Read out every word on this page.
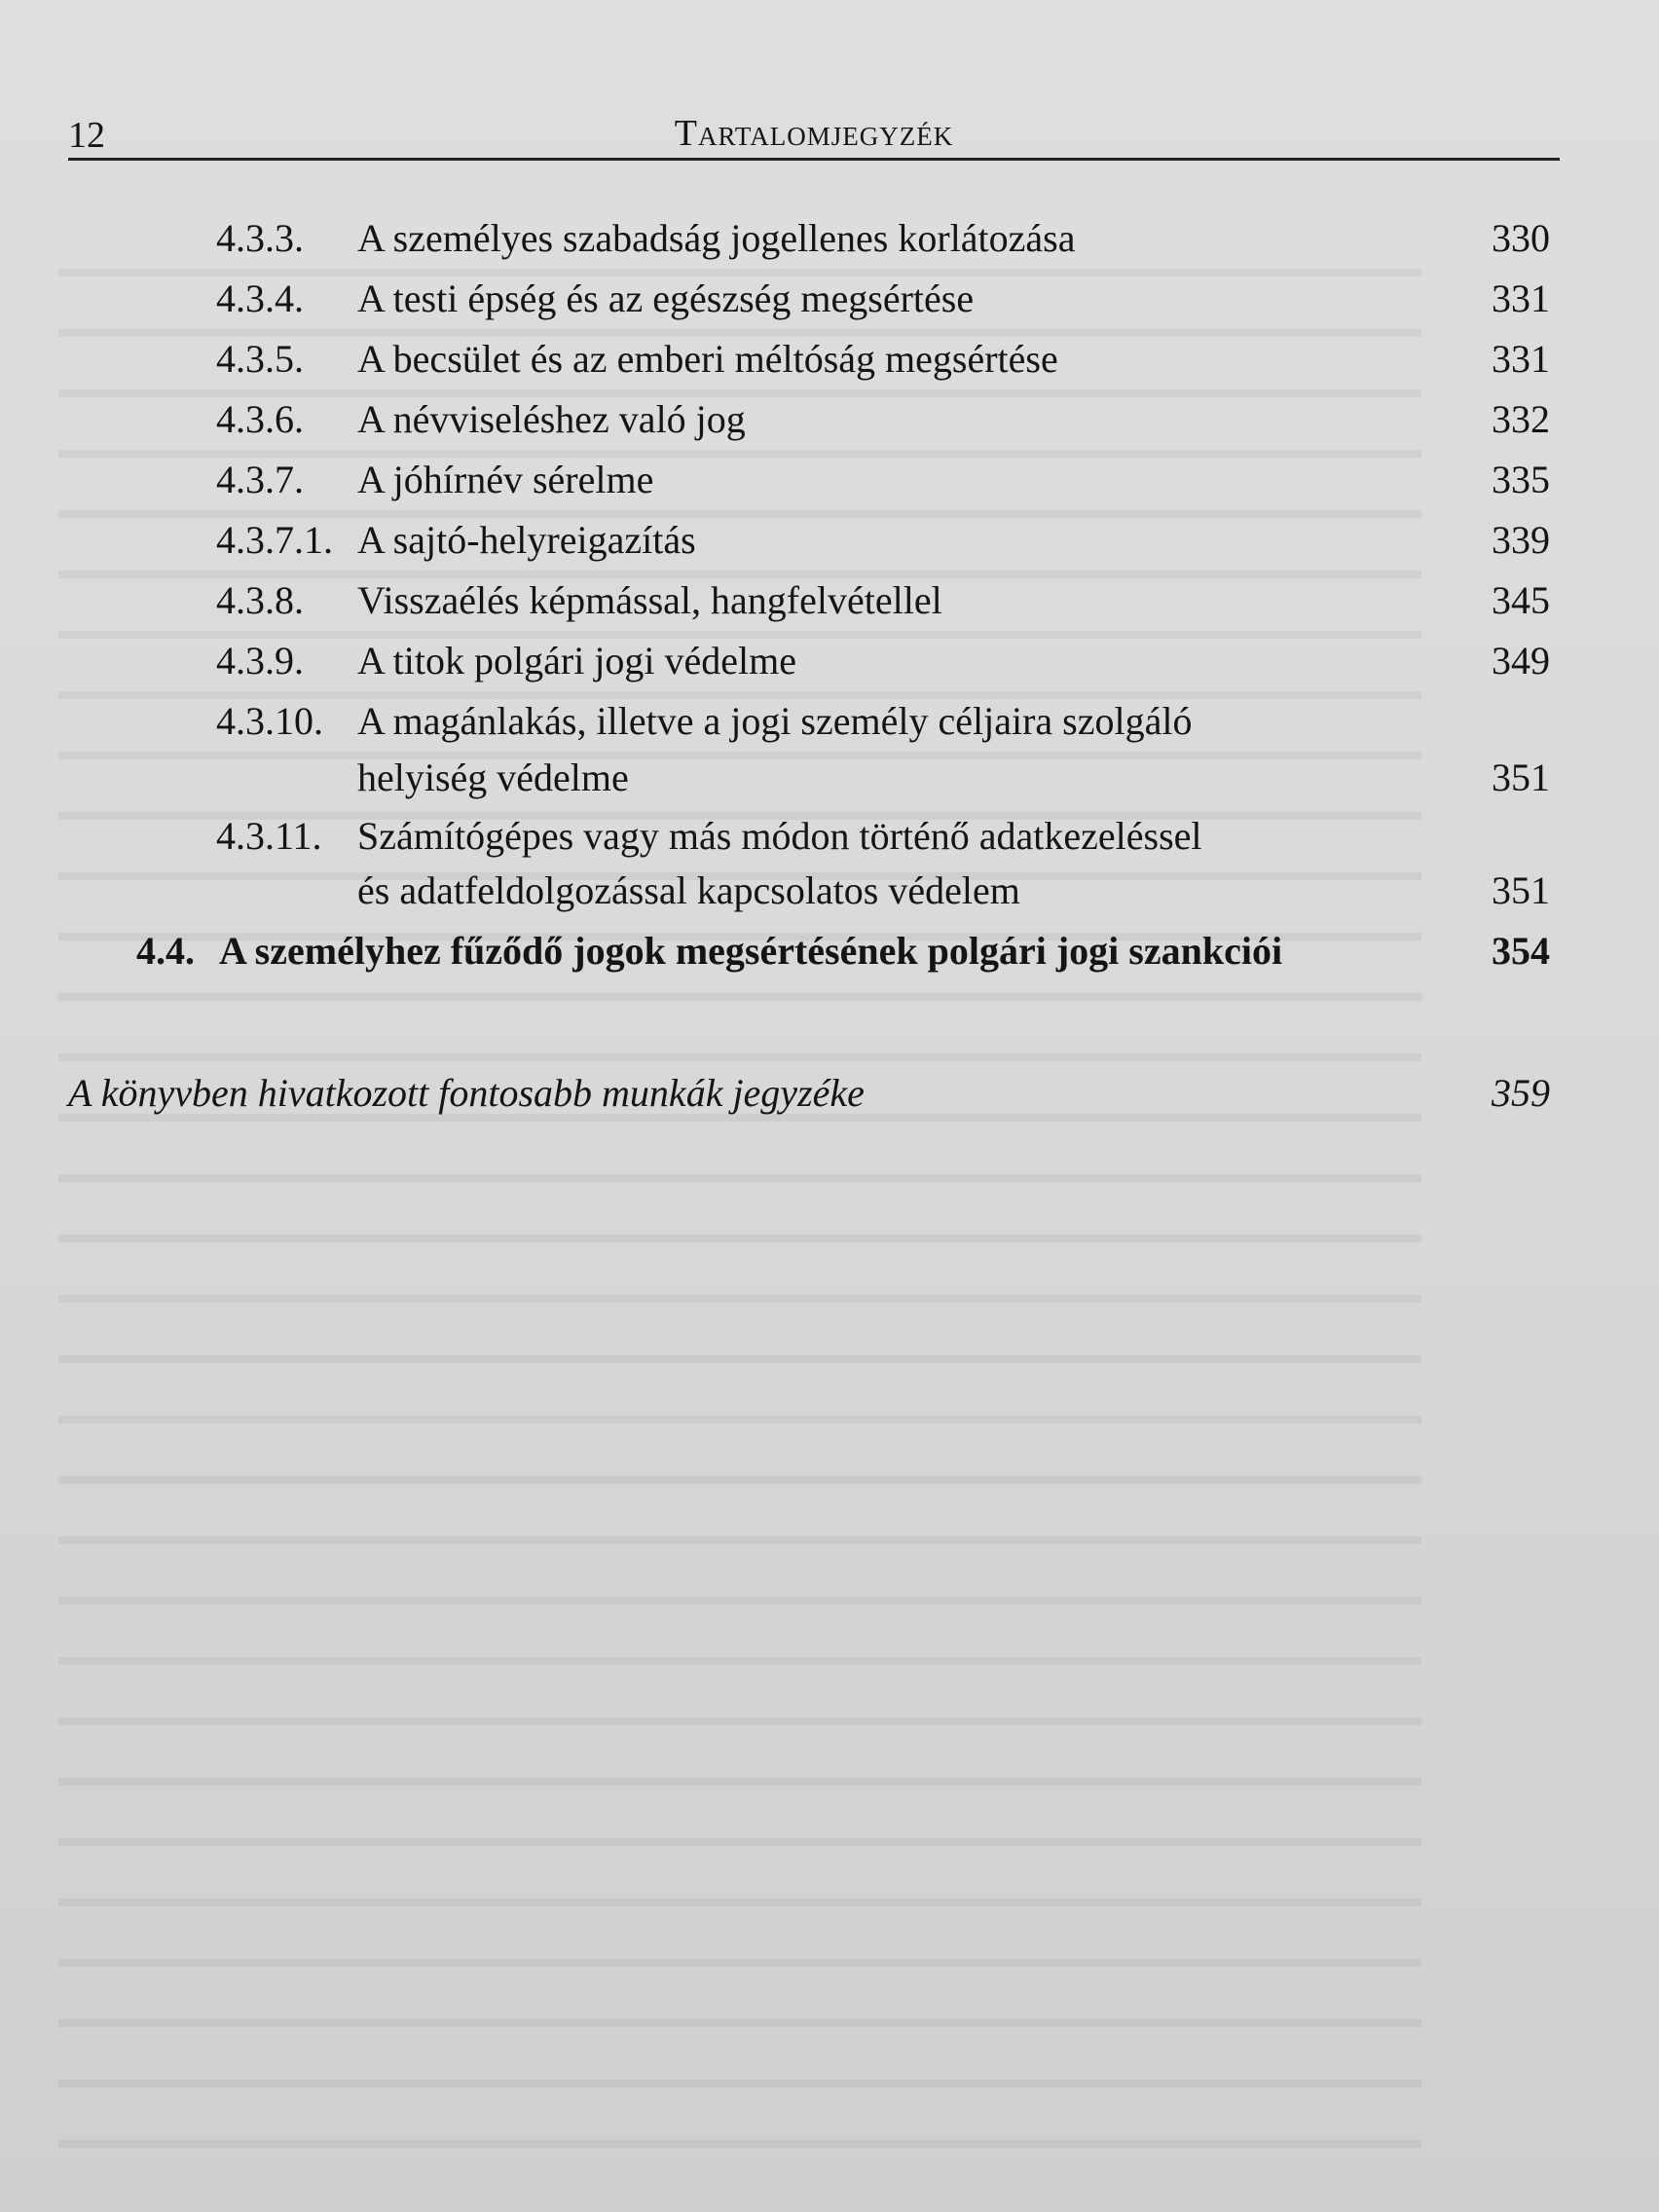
12	Tartalomjegyzék
4.3.3. A személyes szabadság jogellenes korlátozása	330
4.3.4. A testi épség és az egészség megsértése	331
4.3.5. A becsület és az emberi méltóság megsértése	331
4.3.6. A névviseléshez való jog	332
4.3.7. A jóhírnév sérelme	335
4.3.7.1. A sajtó-helyreigazítás	339
4.3.8. Visszaélés képmással, hangfelvétellel	345
4.3.9. A titok polgári jogi védelme	349
4.3.10. A magánlakás, illetve a jogi személy céljaira szolgáló
helyiség védelme	351
4.3.11. Számítógépes vagy más módon történő adatkezeléssel
és adatfeldolgozással kapcsolatos védelem	351
4.4. A személyhez fűződő jogok megsértésének polgári jogi szankciói	354
A könyvben hivatkozott fontosabb munkák jegyzéke	359
